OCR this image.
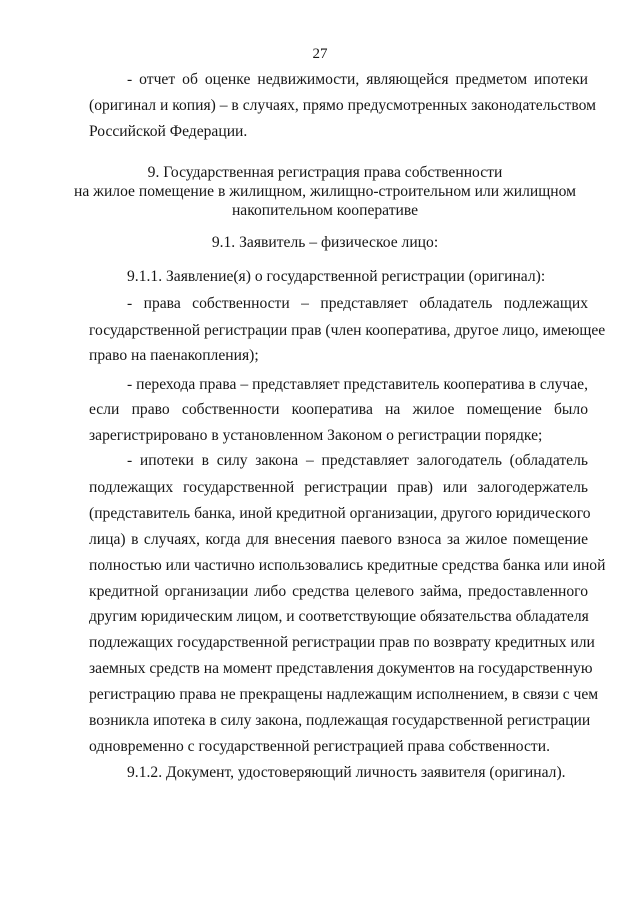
27
- отчет об оценке недвижимости, являющейся предметом ипотеки
(оригинал и копия) – в случаях, прямо предусмотренных законодательством
Российской Федерации.
9. Государственная регистрация права собственности
на жилое помещение в жилищном, жилищно-строительном или жилищном
накопительном кооперативе
9.1. Заявитель – физическое лицо:
9.1.1. Заявление(я) о государственной регистрации (оригинал):
- права собственности – представляет обладатель подлежащих
государственной регистрации прав (член кооператива, другое лицо, имеющее
право на паенакопления);
- перехода права – представляет представитель кооператива в случае,
если право собственности кооператива на жилое помещение было
зарегистрировано в установленном Законом о регистрации порядке;
- ипотеки в силу закона – представляет залогодатель (обладатель
подлежащих государственной регистрации прав) или залогодержатель
(представитель банка, иной кредитной организации, другого юридического
лица) в случаях, когда для внесения паевого взноса за жилое помещение
полностью или частично использовались кредитные средства банка или иной
кредитной организации либо средства целевого займа, предоставленного
другим юридическим лицом, и соответствующие обязательства обладателя
подлежащих государственной регистрации прав по возврату кредитных или
заемных средств на момент представления документов на государственную
регистрацию права не прекращены надлежащим исполнением, в связи с чем
возникла ипотека в силу закона, подлежащая государственной регистрации
одновременно с государственной регистрацией права собственности.
9.1.2. Документ, удостоверяющий личность заявителя (оригинал).
